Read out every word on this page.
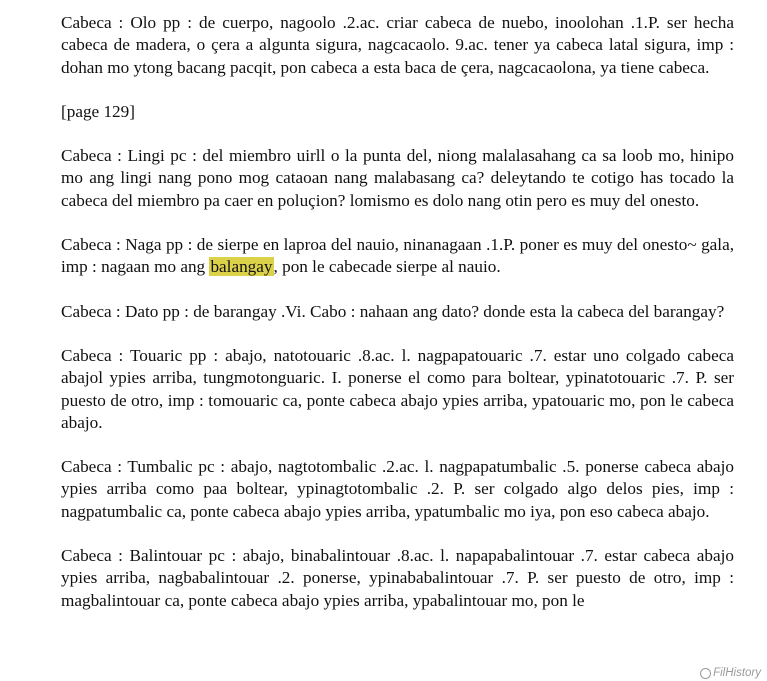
Cabeca : Olo pp : de cuerpo, nagoolo .2.ac. criar cabeca de nuebo, inoolohan .1.P. ser hecha cabeca de madera, o çera a algunta sigura, nagcacaolo. 9.ac. tener ya cabeca latal sigura, imp : dohan mo ytong bacang pacqit, pon cabeca a esta baca de çera, nagcacaolona, ya tiene cabeca.

[page 129]

Cabeca : Lingi pc : del miembro uirll o la punta del, niong malalasahang ca sa loob mo, hinipo mo ang lingi nang pono mog cataoan nang malabasang ca? deleytando te cotigo has tocado la cabeca del miembro pa caer en poluçion? lomismo es dolo nang otin pero es muy del onesto.

Cabeca : Naga pp : de sierpe en laproa del nauio, ninanagaan .1.P. poner es muy del onesto~ gala, imp : nagaan mo ang balangay, pon le cabecade sierpe al nauio.

Cabeca : Dato pp : de barangay .Vi. Cabo : nahaan ang dato? donde esta la cabeca del barangay?

Cabeca : Touaric pp : abajo, natotouaric .8.ac. l. nagpapatouaric .7. estar uno colgado cabeca abajol ypies arriba, tungmotonguaric. I. ponerse el como para boltear, ypinatotouaric .7. P. ser puesto de otro, imp : tomouaric ca, ponte cabeca abajo ypies arriba, ypatouaric mo, pon le cabeca abajo.

Cabeca : Tumbalic pc : abajo, nagtotombalic .2.ac. l. nagpapatumbalic .5. ponerse cabeca abajo ypies arriba como paa boltear, ypinagtotombalic .2. P. ser colgado algo delos pies, imp : nagpatumbalic ca, ponte cabeca abajo ypies arriba, ypatumbalic mo iya, pon eso cabeca abajo.

Cabeca : Balintouar pc : abajo, binabalintouar .8.ac. l. napapabalintouar .7. estar cabeca abajo ypies arriba, nagbabalintouar .2. ponerse, ypinababalintouar .7. P. ser puesto de otro, imp : magbalintouar ca, ponte cabeca abajo ypies arriba, ypabalintouar mo, pon le

FilHistory
